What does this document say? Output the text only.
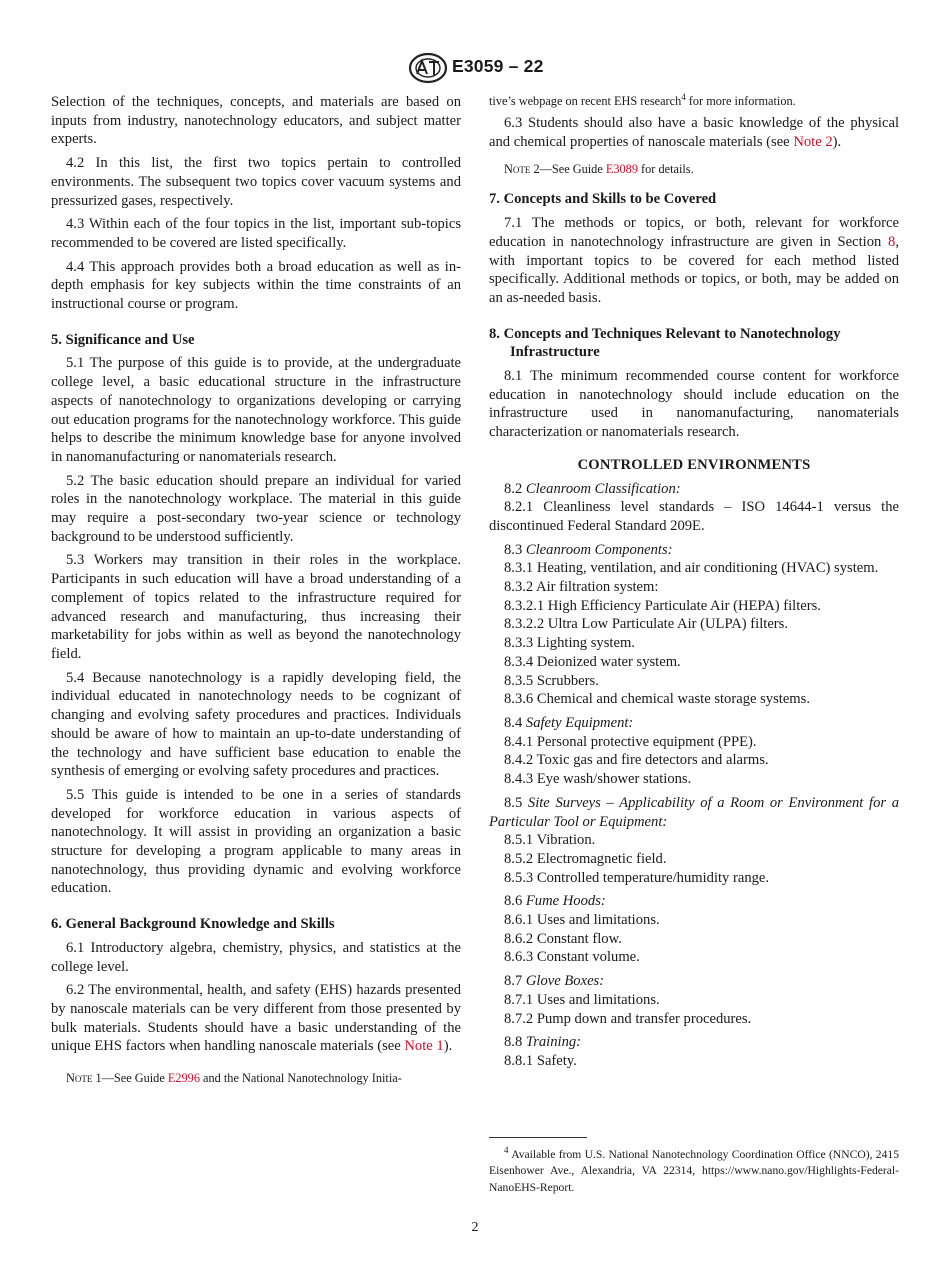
E3059 – 22

Selection of the techniques, concepts, and materials are based on inputs from industry, nanotechnology educators, and subject matter experts.

4.2 In this list, the first two topics pertain to controlled environments. The subsequent two topics cover vacuum systems and pressurized gases, respectively.

4.3 Within each of the four topics in the list, important sub-topics recommended to be covered are listed specifically.

4.4 This approach provides both a broad education as well as in-depth emphasis for key subjects within the time constraints of an instructional course or program.

5. Significance and Use

5.1 The purpose of this guide is to provide, at the undergraduate college level, a basic educational structure in the infrastructure aspects of nanotechnology to organizations developing or carrying out education programs for the nanotechnology workforce. This guide helps to describe the minimum knowledge base for anyone involved in nanomanufacturing or nanomaterials research.

5.2 The basic education should prepare an individual for varied roles in the nanotechnology workplace. The material in this guide may require a post-secondary two-year science or technology background to be understood sufficiently.

5.3 Workers may transition in their roles in the workplace. Participants in such education will have a broad understanding of a complement of topics related to the infrastructure required for advanced research and manufacturing, thus increasing their marketability for jobs within as well as beyond the nanotechnology field.

5.4 Because nanotechnology is a rapidly developing field, the individual educated in nanotechnology needs to be cognizant of changing and evolving safety procedures and practices. Individuals should be aware of how to maintain an up-to-date understanding of the technology and have sufficient base education to enable the synthesis of emerging or evolving safety procedures and practices.

5.5 This guide is intended to be one in a series of standards developed for workforce education in various aspects of nanotechnology. It will assist in providing an organization a basic structure for developing a program applicable to many areas in nanotechnology, thus providing dynamic and evolving workforce education.

6. General Background Knowledge and Skills

6.1 Introductory algebra, chemistry, physics, and statistics at the college level.

6.2 The environmental, health, and safety (EHS) hazards presented by nanoscale materials can be very different from those presented by bulk materials. Students should have a basic understanding of the unique EHS factors when handling nanoscale materials (see Note 1).

Note 1—See Guide E2996 and the National Nanotechnology Initia-
tive’s webpage on recent EHS research$^4$ for more information.

6.3 Students should also have a basic knowledge of the physical and chemical properties of nanoscale materials (see Note 2).

Note 2—See Guide E3089 for details.
7. Concepts and Skills to be Covered

7.1 The methods or topics, or both, relevant for workforce education in nanotechnology infrastructure are given in Section 8, with important topics to be covered for each method listed specifically. Additional methods or topics, or both, may be added on an as-needed basis.

8. Concepts and Techniques Relevant to Nanotechnology
Infrastructure

8.1 The minimum recommended course content for workforce education in nanotechnology should include education on the infrastructure used in nanomanufacturing, nanomaterials characterization or nanomaterials research.

CONTROLLED ENVIRONMENTS
8.2 Cleanroom Classification:

8.2.1 Cleanliness level standards – ISO 14644-1 versus the discontinued Federal Standard 209E.

8.3 Cleanroom Components:

8.3.1 Heating, ventilation, and air conditioning (HVAC) system.

8.3.2 Air filtration system:
8.3.2.1 High Efficiency Particulate Air (HEPA) filters.
8.3.2.2 Ultra Low Particulate Air (ULPA) filters.
8.3.3 Lighting system.
8.3.4 Deionized water system.
8.3.5 Scrubbers.
8.3.6 Chemical and chemical waste storage systems.
8.4 Safety Equipment:
8.4.1 Personal protective equipment (PPE).
8.4.2 Toxic gas and fire detectors and alarms.
8.4.3 Eye wash/shower stations.

8.5 Site Surveys – Applicability of a Room or Environment for a Particular Tool or Equipment:

8.5.1 Vibration.
8.5.2 Electromagnetic field.
8.5.3 Controlled temperature/humidity range.
8.6 Fume Hoods:
8.6.1 Uses and limitations.
8.6.2 Constant flow.
8.6.3 Constant volume.
8.7 Glove Boxes:
8.7.1 Uses and limitations.
8.7.2 Pump down and transfer procedures.
8.8 Training:
8.8.1 Safety.
$^4$ Available from U.S. National Nanotechnology Coordination Office (NNCO), 2415 Eisenhower Ave., Alexandria, VA 22314, https://www.nano.gov/Highlights-Federal-NanoEHS-Report.
2
